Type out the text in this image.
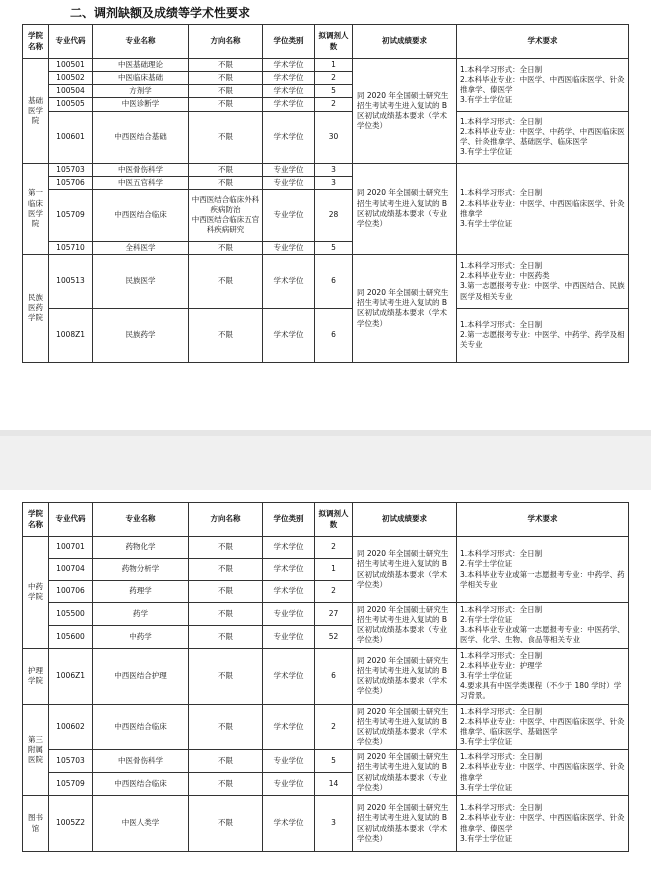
二、调剂缺额及成绩等学术性要求
学院名称	专业代码	专业名称	方向名称	学位类别	拟调剂人数	初试成绩要求	学术要求
基础医学院	100501	中医基础理论	不限	学术学位	1	同 2020 年全国硕士研究生招生考试考生进入复试的 B 区初试成绩基本要求（学术学位类）	1.本科学习形式：全日制
2.本科毕业专业：中医学、中西医临床医学、针灸推拿学、傣医学
3.有学士学位证
	100502	中医临床基础	不限	学术学位	2		
	100504	方剂学	不限	学术学位	5		
	100505	中医诊断学	不限	学术学位	2		
	100601	中西医结合基础	不限	学术学位	30		1.本科学习形式：全日制
2.本科毕业专业：中医学、中药学、中西医临床医学、针灸推拿学、基础医学、临床医学
3.有学士学位证
第一临床医学院	105703	中医骨伤科学	不限	专业学位	3	同 2020 年全国硕士研究生招生考试考生进入复试的 B 区初试成绩基本要求（专业学位类）	1.本科学习形式：全日制
2.本科毕业专业：中医学、中西医临床医学、针灸推拿学
3.有学士学位证
	105706	中医五官科学	不限	专业学位	3		
	105709	中西医结合临床	中西医结合临床外科疾病防治
中西医结合临床五官科疾病研究	专业学位	28		
	105710	全科医学	不限	专业学位	5		
民族医药学院	100513	民族医学	不限	学术学位	6	同 2020 年全国硕士研究生招生考试考生进入复试的 B 区初试成绩基本要求（学术学位类）	1.本科学习形式：全日制
2.本科毕业专业：中医药类
3.第一志愿报考专业：中医学、中西医结合、民族医学及相关专业
	1008Z1	民族药学	不限	学术学位	6		1.本科学习形式：全日制
2.第一志愿报考专业：中医学、中药学、药学及相关专业
学院名称	专业代码	专业名称	方向名称	学位类别	拟调剂人数	初试成绩要求	学术要求
中药学院	100701	药物化学	不限	学术学位	2	同 2020 年全国硕士研究生招生考试考生进入复试的 B 区初试成绩基本要求（学术学位类）	1.本科学习形式：全日制
2.有学士学位证
3.本科毕业专业或第一志愿报考专业：中药学、药学相关专业
	100704	药物分析学	不限	学术学位	1		
	100706	药理学	不限	学术学位	2		
	105500	药学	不限	专业学位	27	同 2020 年全国硕士研究生招生考试考生进入复试的 B 区初试成绩基本要求（专业学位类）	1.本科学习形式：全日制
2.有学士学位证
3.本科毕业专业或第一志愿报考专业：中医药学、医学、化学、生物、食品等相关专业
	105600	中药学	不限	专业学位	52		
护理学院	1006Z1	中西医结合护理	不限	学术学位	6	同 2020 年全国硕士研究生招生考试考生进入复试的 B 区初试成绩基本要求（学术学位类）	1.本科学习形式：全日制
2.本科毕业专业：护理学
3.有学士学位证
4.要求具有中医学类课程（不少于 180 学时）学习背景。
第三附属医院	100602	中西医结合临床	不限	学术学位	2	同 2020 年全国硕士研究生招生考试考生进入复试的 B 区初试成绩基本要求（学术学位类）	1.本科学习形式：全日制
2.本科毕业专业：中医学、中西医临床医学、针灸推拿学、临床医学、基础医学
3.有学士学位证
	105703	中医骨伤科学	不限	专业学位	5	同 2020 年全国硕士研究生招生考试考生进入复试的 B 区初试成绩基本要求（专业学位类）	1.本科学习形式：全日制
2.本科毕业专业：中医学、中西医临床医学、针灸推拿学
3.有学士学位证
	105709	中西医结合临床	不限	专业学位	14		
图书馆	1005Z2	中医人类学	不限	学术学位	3	同 2020 年全国硕士研究生招生考试考生进入复试的 B 区初试成绩基本要求（学术学位类）	1.本科学习形式：全日制
2.本科毕业专业：中医学、中西医临床医学、针灸推拿学、傣医学
3.有学士学位证
